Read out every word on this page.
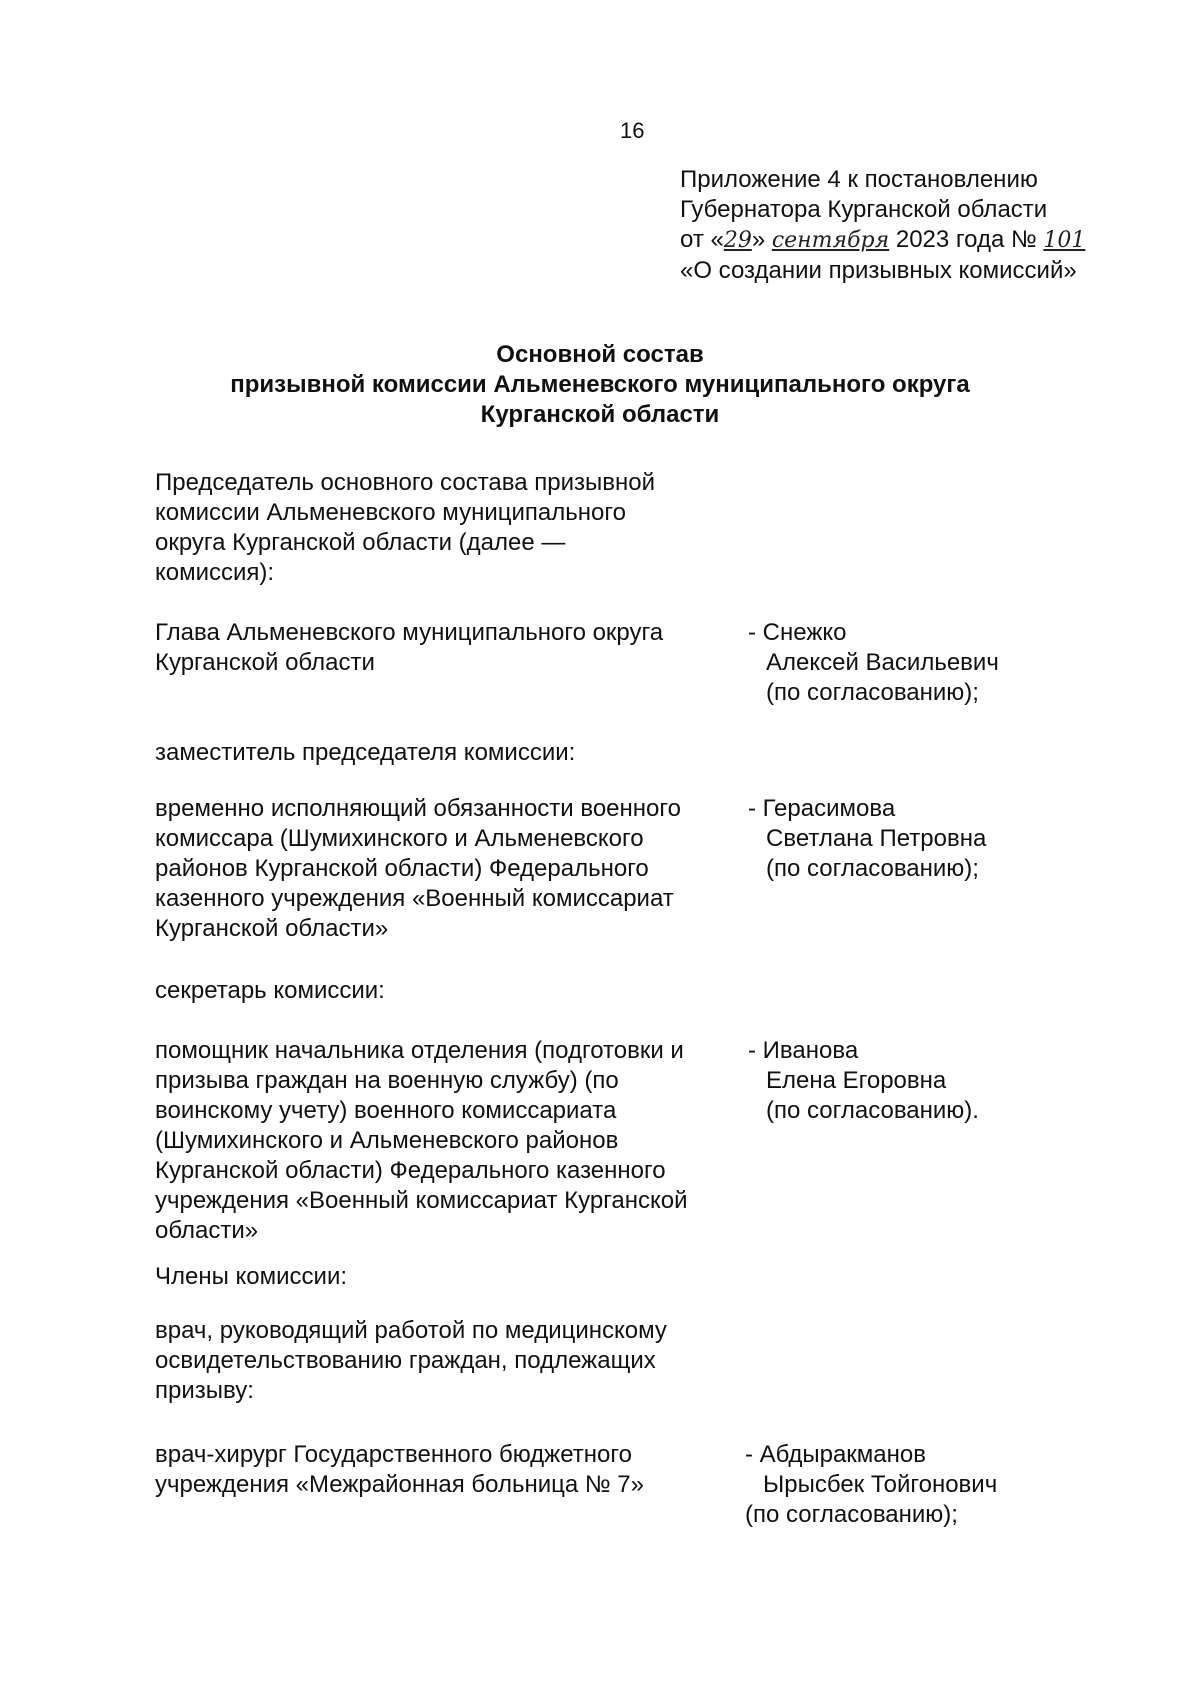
16
Приложение 4 к постановлению
Губернатора Курганской области
от «29» сентября 2023 года № 101
«О создании призывных комиссий»
Основной состав
призывной комиссии Альменевского муниципального округа
Курганской области
Председатель основного состава призывной
комиссии Альменевского муниципального
округа Курганской области (далее —
комиссия):
Глава Альменевского муниципального округа
Курганской области
- Снежко
Алексей Васильевич
(по согласованию);
заместитель председателя комиссии:
временно исполняющий обязанности военного
комиссара (Шумихинского и Альменевского
районов Курганской области) Федерального
казенного учреждения «Военный комиссариат
Курганской области»
- Герасимова
Светлана Петровна
(по согласованию);
секретарь комиссии:
помощник начальника отделения (подготовки и
призыва граждан на военную службу) (по
воинскому учету) военного комиссариата
(Шумихинского и Альменевского районов
Курганской области) Федерального казенного
учреждения «Военный комиссариат Курганской
области»
- Иванова
Елена Егоровна
(по согласованию).
Члены комиссии:
врач, руководящий работой по медицинскому
освидетельствованию граждан, подлежащих
призыву:
врач-хирург Государственного бюджетного
учреждения «Межрайонная больница № 7»
- Абдыракманов
Ырысбек Тойгонович
(по согласованию);
